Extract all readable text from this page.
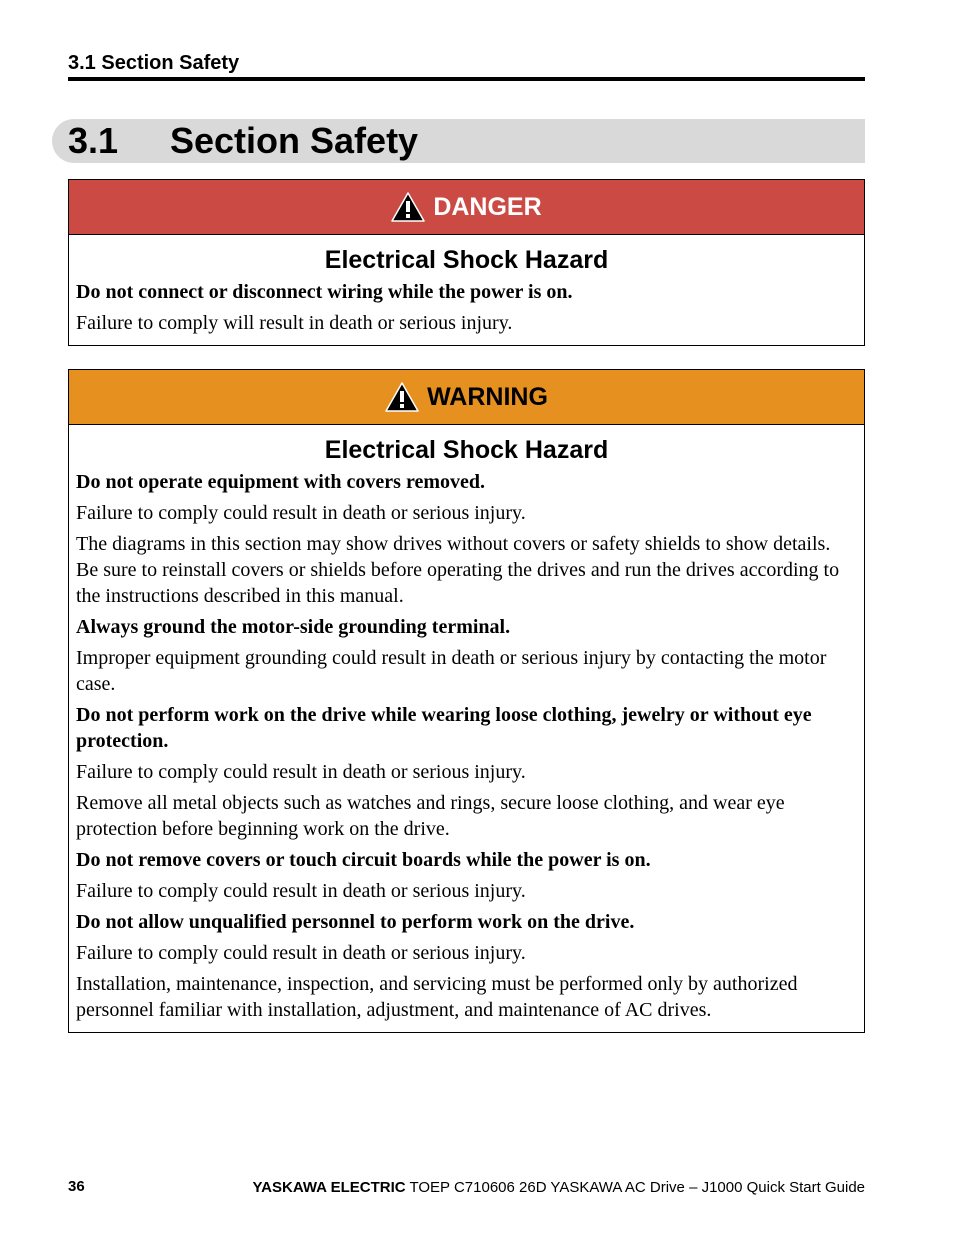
3.1 Section Safety
3.1 Section Safety
DANGER
Electrical Shock Hazard

Do not connect or disconnect wiring while the power is on.

Failure to comply will result in death or serious injury.

WARNING
Electrical Shock Hazard

Do not operate equipment with covers removed.

Failure to comply could result in death or serious injury.

The diagrams in this section may show drives without covers or safety shields to show details. Be sure to reinstall covers or shields before operating the drives and run the drives according to the instructions described in this manual.

Always ground the motor-side grounding terminal.

Improper equipment grounding could result in death or serious injury by contacting the motor case.

Do not perform work on the drive while wearing loose clothing, jewelry or without eye protection.

Failure to comply could result in death or serious injury.

Remove all metal objects such as watches and rings, secure loose clothing, and wear eye protection before beginning work on the drive.

Do not remove covers or touch circuit boards while the power is on.

Failure to comply could result in death or serious injury.

Do not allow unqualified personnel to perform work on the drive.

Failure to comply could result in death or serious injury.

Installation, maintenance, inspection, and servicing must be performed only by authorized personnel familiar with installation, adjustment, and maintenance of AC drives.

36	YASKAWA ELECTRIC TOEP C710606 26D YASKAWA AC Drive – J1000 Quick Start Guide
